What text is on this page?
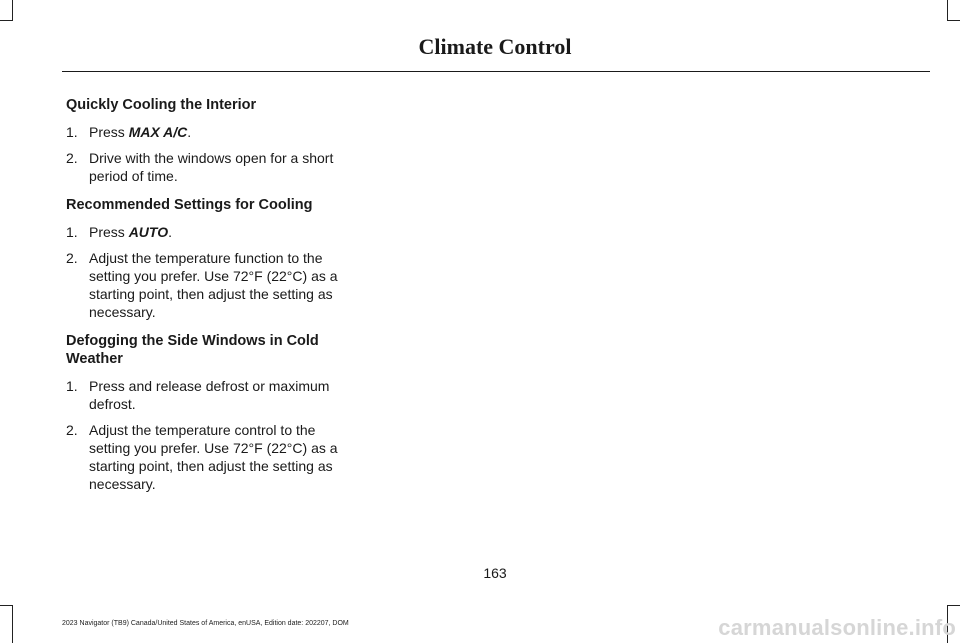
Climate Control
Quickly Cooling the Interior
1. Press MAX A/C.
2. Drive with the windows open for a short period of time.
Recommended Settings for Cooling
1. Press AUTO.
2. Adjust the temperature function to the setting you prefer. Use 72°F (22°C) as a starting point, then adjust the setting as necessary.
Defogging the Side Windows in Cold Weather
1. Press and release defrost or maximum defrost.
2. Adjust the temperature control to the setting you prefer. Use 72°F (22°C) as a starting point, then adjust the setting as necessary.
163
2023 Navigator (TB9) Canada/United States of America, enUSA, Edition date: 202207, DOM	carmanualsonline.info
